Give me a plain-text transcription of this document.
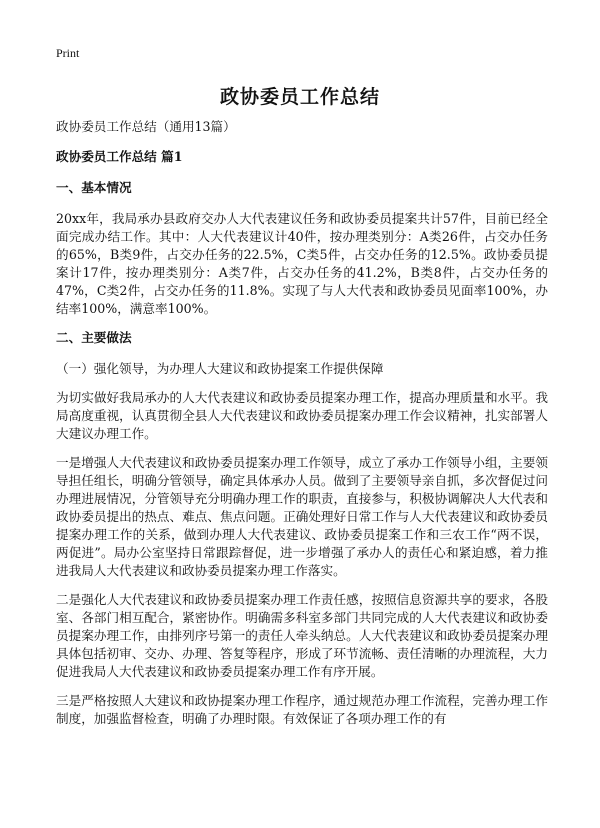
Print
政协委员工作总结

政协委员工作总结（通用13篇）

政协委员工作总结 篇1

一、基本情况

20xx年，我局承办县政府交办人大代表建议任务和政协委员提案共计57件，目前已经全面完成办结工作。其中：人大代表建议计40件，按办理类别分：A类26件，占交办任务的65%，B类9件，占交办任务的22.5%，C类5件，占交办任务的12.5%。政协委员提案计17件，按办理类别分：A类7件，占交办任务的41.2%，B类8件，占交办任务的47%，C类2件，占交办任务的11.8%。实现了与人大代表和政协委员见面率100%，办结率100%，满意率100%。

二、主要做法

（一）强化领导，为办理人大建议和政协提案工作提供保障

为切实做好我局承办的人大代表建议和政协委员提案办理工作，提高办理质量和水平。我局高度重视，认真贯彻全县人大代表建议和政协委员提案办理工作会议精神，扎实部署人大建议办理工作。

一是增强人大代表建议和政协委员提案办理工作领导，成立了承办工作领导小组，主要领导担任组长，明确分管领导，确定具体承办人员。做到了主要领导亲自抓，多次督促过问办理进展情况，分管领导充分明确办理工作的职责，直接参与，积极协调解决人大代表和政协委员提出的热点、难点、焦点问题。正确处理好日常工作与人大代表建议和政协委员提案办理工作的关系，做到办理人大代表建议、政协委员提案工作和三农工作“两不误，两促进”。局办公室坚持日常跟踪督促，进一步增强了承办人的责任心和紧迫感，着力推进我局人大代表建议和政协委员提案办理工作落实。

二是强化人大代表建议和政协委员提案办理工作责任感，按照信息资源共享的要求，各股室、各部门相互配合，紧密协作。明确需多科室多部门共同完成的人大代表建议和政协委员提案办理工作，由排列序号第一的责任人牵头纳总。人大代表建议和政协委员提案办理具体包括初审、交办、办理、答复等程序，形成了环节流畅、责任清晰的办理流程，大力促进我局人大代表建议和政协委员提案办理工作有序开展。

三是严格按照人大建议和政协提案办理工作程序，通过规范办理工作流程，完善办理工作制度，加强监督检查，明确了办理时限。有效保证了各项办理工作的有
